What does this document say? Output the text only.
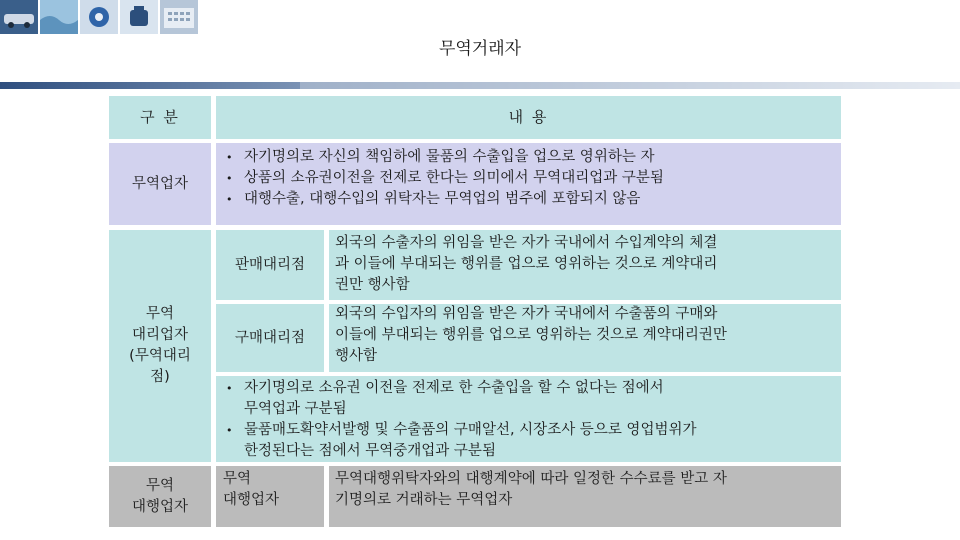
무역거래자
구 분	내 용
무역업자
• 자기명의로 자신의 책임하에 물품의 수출입을 업으로 영위하는 자
• 상품의 소유권이전을 전제로 한다는 의미에서 무역대리업과 구분됨
• 대행수출, 대행수입의 위탁자는 무역업의 범주에 포함되지 않음
무역
대리업자
(무역대리
점)
판매대리점
외국의 수출자의 위임을 받은 자가 국내에서 수입계약의 체결
과 이들에 부대되는 행위를 업으로 영위하는 것으로 계약대리
권만 행사함
구매대리점
외국의 수입자의 위임을 받은 자가 국내에서 수출품의 구매와
이들에 부대되는 행위를 업으로 영위하는 것으로 계약대리권만
행사함
• 자기명의로 소유권 이전을 전제로 한 수출입을 할 수 없다는 점에서
무역업과 구분됨
• 물품매도확약서발행 및 수출품의 구매알선, 시장조사 등으로 영업범위가
한정된다는 점에서 무역중개업과 구분됨
무역
대행업자
무역
대행업자
무역대행위탁자와의 대행계약에 따라 일정한 수수료를 받고 자
기명의로 거래하는 무역업자
